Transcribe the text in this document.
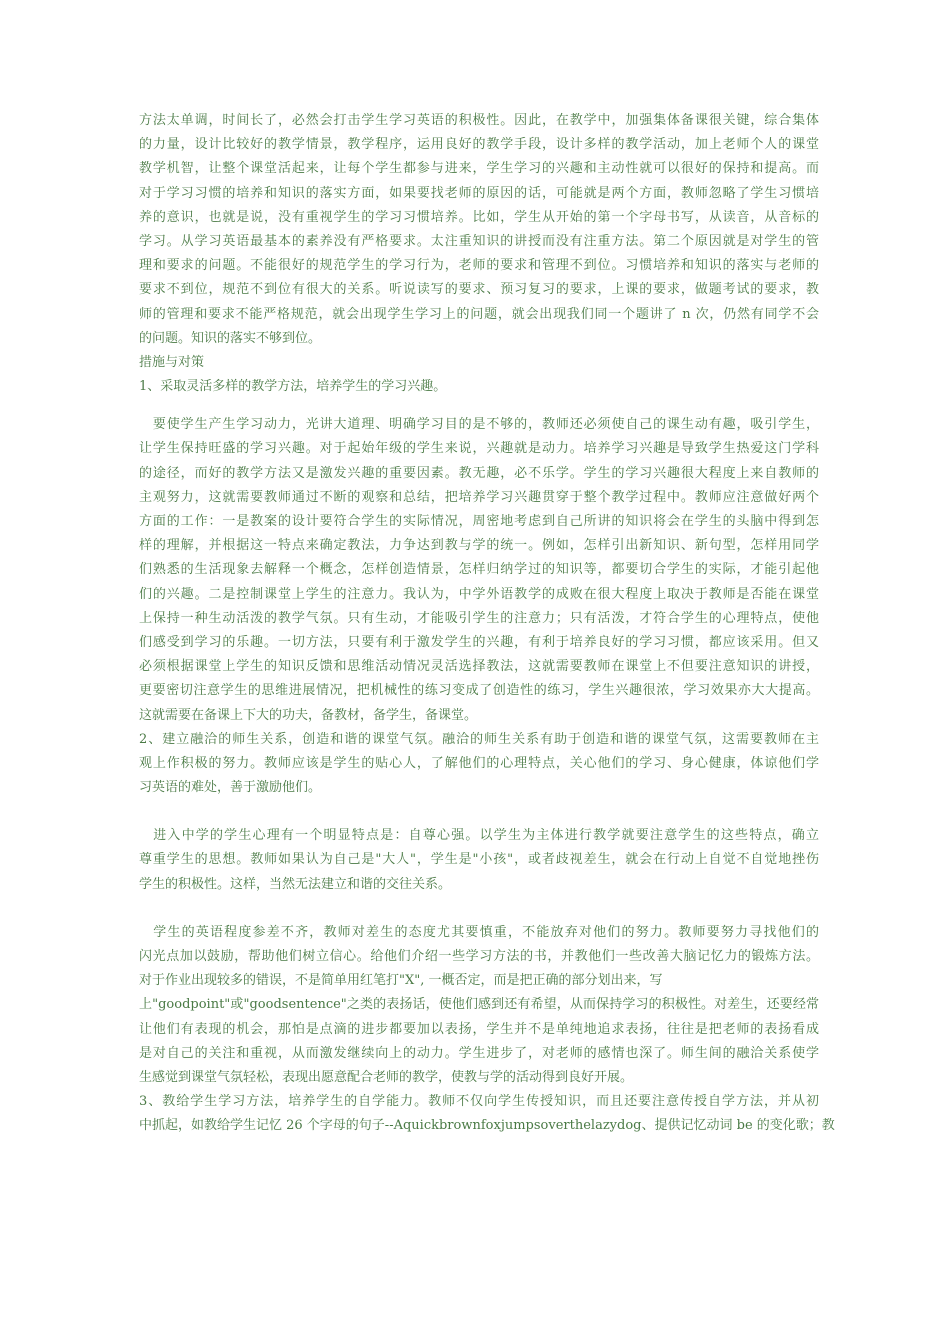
方法太单调，时间长了，必然会打击学生学习英语的积极性。因此，在教学中，加强集体备课很关键，综合集体
的力量，设计比较好的教学情景，教学程序，运用良好的教学手段，设计多样的教学活动，加上老师个人的课堂
教学机智，让整个课堂活起来，让每个学生都参与进来，学生学习的兴趣和主动性就可以很好的保持和提高。而
对于学习习惯的培养和知识的落实方面，如果要找老师的原因的话，可能就是两个方面，教师忽略了学生习惯培
养的意识，也就是说，没有重视学生的学习习惯培养。比如，学生从开始的第一个字母书写，从读音，从音标的
学习。从学习英语最基本的素养没有严格要求。太注重知识的讲授而没有注重方法。第二个原因就是对学生的管
理和要求的问题。不能很好的规范学生的学习行为，老师的要求和管理不到位。习惯培养和知识的落实与老师的
要求不到位，规范不到位有很大的关系。听说读写的要求、预习复习的要求，上课的要求，做题考试的要求，教
师的管理和要求不能严格规范，就会出现学生学习上的问题，就会出现我们同一个题讲了 n 次，仍然有同学不会
的问题。知识的落实不够到位。
措施与对策
1、采取灵活多样的教学方法，培养学生的学习兴趣。
　要使学生产生学习动力，光讲大道理、明确学习目的是不够的，教师还必须使自己的课生动有趣，吸引学生，
让学生保持旺盛的学习兴趣。对于起始年级的学生来说，兴趣就是动力。培养学习兴趣是导致学生热爱这门学科
的途径，而好的教学方法又是激发兴趣的重要因素。教无趣，必不乐学。学生的学习兴趣很大程度上来自教师的
主观努力，这就需要教师通过不断的观察和总结，把培养学习兴趣贯穿于整个教学过程中。教师应注意做好两个
方面的工作：一是教案的设计要符合学生的实际情况，周密地考虑到自己所讲的知识将会在学生的头脑中得到怎
样的理解，并根据这一特点来确定教法，力争达到教与学的统一。例如，怎样引出新知识、新句型，怎样用同学
们熟悉的生活现象去解释一个概念，怎样创造情景，怎样归纳学过的知识等，都要切合学生的实际，才能引起他
们的兴趣。二是控制课堂上学生的注意力。我认为，中学外语教学的成败在很大程度上取决于教师是否能在课堂
上保持一种生动活泼的教学气氛。只有生动，才能吸引学生的注意力；只有活泼，才符合学生的心理特点，使他
们感受到学习的乐趣。一切方法，只要有利于激发学生的兴趣，有利于培养良好的学习习惯，都应该采用。但又
必须根据课堂上学生的知识反馈和思维活动情况灵活选择教法，这就需要教师在课堂上不但要注意知识的讲授，
更要密切注意学生的思维进展情况，把机械性的练习变成了创造性的练习，学生兴趣很浓，学习效果亦大大提高。
这就需要在备课上下大的功夫，备教材，备学生，备课堂。
2、建立融洽的师生关系，创造和谐的课堂气氛。融洽的师生关系有助于创造和谐的课堂气氛，这需要教师在主
观上作积极的努力。教师应该是学生的贴心人，了解他们的心理特点，关心他们的学习、身心健康，体谅他们学
习英语的难处，善于激励他们。
　进入中学的学生心理有一个明显特点是：自尊心强。以学生为主体进行教学就要注意学生的这些特点，确立
尊重学生的思想。教师如果认为自己是"大人"，学生是"小孩"，或者歧视差生，就会在行动上自觉不自觉地挫伤
学生的积极性。这样，当然无法建立和谐的交往关系。
　学生的英语程度参差不齐，教师对差生的态度尤其要慎重，不能放弃对他们的努力。教师要努力寻找他们的
闪光点加以鼓励，帮助他们树立信心。给他们介绍一些学习方法的书，并教他们一些改善大脑记忆力的锻炼方法。
对于作业出现较多的错误，不是简单用红笔打"X", 一概否定，而是把正确的部分划出来，写
上"goodpoint"或"goodsentence"之类的表扬话，使他们感到还有希望，从而保持学习的积极性。对差生，还要经常
让他们有表现的机会，那怕是点滴的进步都要加以表扬，学生并不是单纯地追求表扬，往往是把老师的表扬看成
是对自己的关注和重视，从而激发继续向上的动力。学生进步了，对老师的感情也深了。师生间的融洽关系使学
生感觉到课堂气氛轻松，表现出愿意配合老师的教学，使教与学的活动得到良好开展。
3、教给学生学习方法，培养学生的自学能力。教师不仅向学生传授知识，而且还要注意传授自学方法，并从初
中抓起，如教给学生记忆 26 个字母的句子--Aquickbrownfoxjumpsoverthelazydog、提供记忆动词 be 的变化歌；教
